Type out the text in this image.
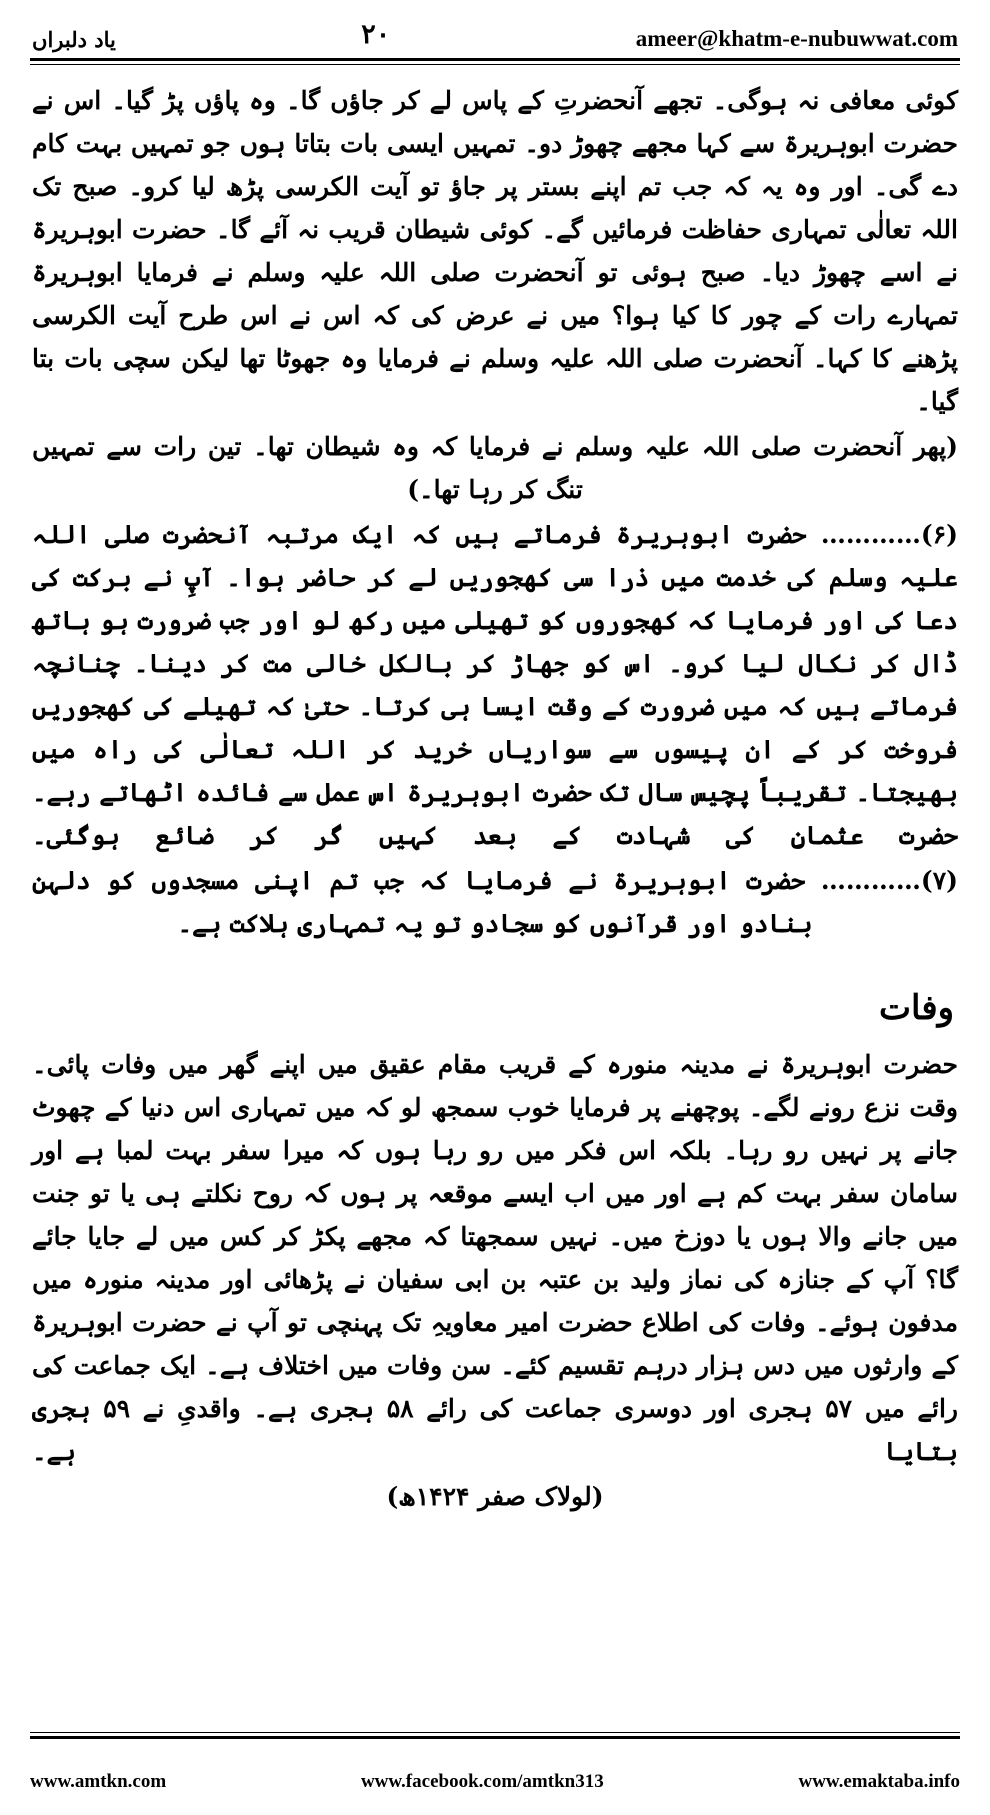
یاد دلبراں	۲۰	ameer@khatm-e-nubuwwat.com

کوئی معافی نہ ہوگی۔ تجھے آنحضرتِ کے پاس لے کر جاؤں گا۔ وہ پاؤں پڑ گیا۔ اس نے حضرت ابوہریرۃ سے کہا مجھے چھوڑ دو۔ تمہیں ایسی بات بتاتا ہوں جو تمہیں بہت کام دے گی۔ اور وہ یہ کہ جب تم اپنے بستر پر جاؤ تو آیت الکرسی پڑھ لیا کرو۔ صبح تک اللہ تعالٰی تمہاری حفاظت فرمائیں گے۔ کوئی شیطان قریب نہ آئے گا۔ حضرت ابوہریرۃ نے اسے چھوڑ دیا۔ صبح ہوئی تو آنحضرت صلی اللہ علیہ وسلم نے فرمایا ابوہریرۃ تمہارے رات کے چور کا کیا ہوا؟ میں نے عرض کی کہ اس نے اس طرح آیت الکرسی پڑھنے کا کہا۔ آنحضرت صلی اللہ علیہ وسلم نے فرمایا وہ جھوٹا تھا لیکن سچی بات بتا گیا۔

(پھر آنحضرت صلی اللہ علیہ وسلم نے فرمایا کہ وہ شیطان تھا۔ تین رات سے تمہیں تنگ کر رہا تھا۔)

(۶)………… حضرت ابوہریرۃ فرماتے ہیں کہ ایک مرتبہ آنحضرت صلی اللہ علیہ وسلم کی خدمت میں ذرا سی کھجوریں لے کر حاضر ہوا۔ آپِ نے برکت کی دعا کی اور فرمایا کہ کھجوروں کو تھیلی میں رکھ لو اور جب ضرورت ہو ہاتھ ڈال کر نکال لیا کرو۔ اس کو جھاڑ کر بالکل خالی مت کر دینا۔ چنانچہ فرماتے ہیں کہ میں ضرورت کے وقت ایسا ہی کرتا۔ حتیٰ کہ تھیلے کی کھجوریں فروخت کر کے ان پیسوں سے سواریاں خرید کر اللہ تعالٰی کی راہ میں بھیجتا۔ تقریباً پچیس سال تک حضرت ابوہریرۃ اس عمل سے فائدہ اٹھاتے رہے۔ حضرت عثمانِ کی شہادت کے بعد کہیں گر کر ضائع ہوگئی۔

(۷)………… حضرت ابوہریرۃ نے فرمایا کہ جب تم اپنی مسجدوں کو دلہن بنادو اور قرآنوں کو سجادو تو یہ تمہاری ہلاکت ہے۔

وفات

حضرت ابوہریرۃ نے مدینہ منورہ کے قریب مقام عقیق میں اپنے گھر میں وفات پائی۔ وقت نزع رونے لگے۔ پوچھنے پر فرمایا خوب سمجھ لو کہ میں تمہاری اس دنیا کے چھوٹ جانے پر نہیں رو رہا۔ بلکہ اس فکر میں رو رہا ہوں کہ میرا سفر بہت لمبا ہے اور سامان سفر بہت کم ہے اور میں اب ایسے موقعہ پر ہوں کہ روح نکلتے ہی یا تو جنت میں جانے والا ہوں یا دوزخ میں۔ نہیں سمجھتا کہ مجھے پکڑ کر کس میں لے جایا جائے گا؟ آپ کے جنازہ کی نماز ولید بن عتبہ بن ابی سفیان نے پڑھائی اور مدینہ منورہ میں مدفون ہوئے۔ وفات کی اطلاع حضرت امیر معاویہِ تک پہنچی تو آپ نے حضرت ابوہریرۃ کے وارثوں میں دس ہزار درہم تقسیم کئے۔ سن وفات میں اختلاف ہے۔ ایک جماعت کی رائے میں ۵۷ ہجری اور دوسری جماعت کی رائے ۵۸ ہجری ہے۔ واقدیِ نے ۵۹ ہجری بتایا ہے۔

(لولاک صفر ۱۴۲۴ھ)

www.amtkn.com	www.facebook.com/amtkn313	www.emaktaba.info
